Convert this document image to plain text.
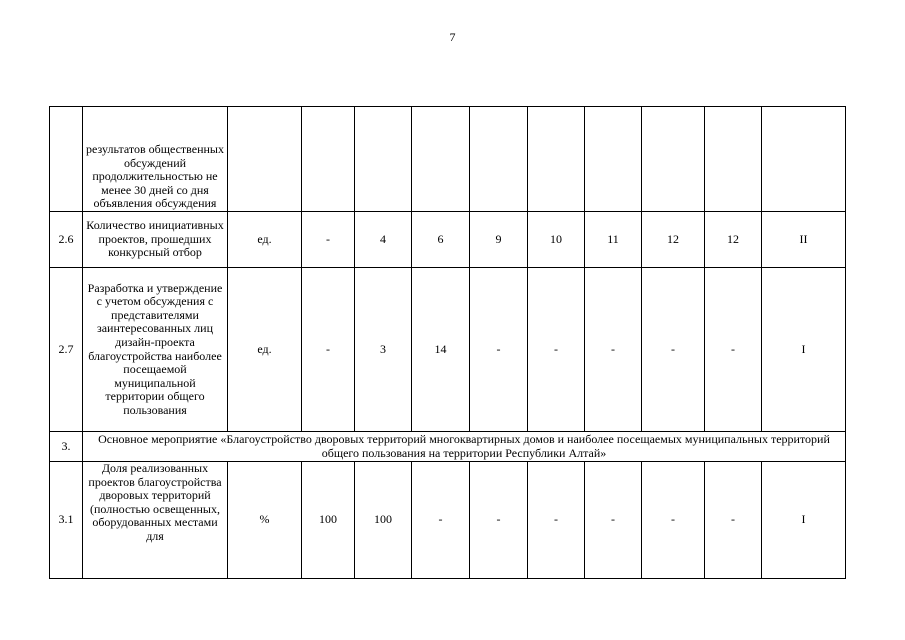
7
	результатов общественных обсуждений продолжительностью не менее 30 дней со дня объявления обсуждения										
2.6	Количество инициативных проектов, прошедших конкурсный отбор	ед.	-	4	6	9	10	11	12	12	II
2.7	Разработка и утверждение с учетом обсуждения с представителями заинтересованных лиц дизайн-проекта благоустройства наиболее посещаемой муниципальной территории общего пользования	ед.	-	3	14	-	-	-	-	-	I
3.	Основное мероприятие «Благоустройство дворовых территорий многоквартирных домов и наиболее посещаемых муниципальных территорий общего пользования на территории Республики Алтай»										
3.1	Доля реализованных проектов благоустройства дворовых территорий (полностью освещенных, оборудованных местами для	%	100	100	-	-	-	-	-	-	I
